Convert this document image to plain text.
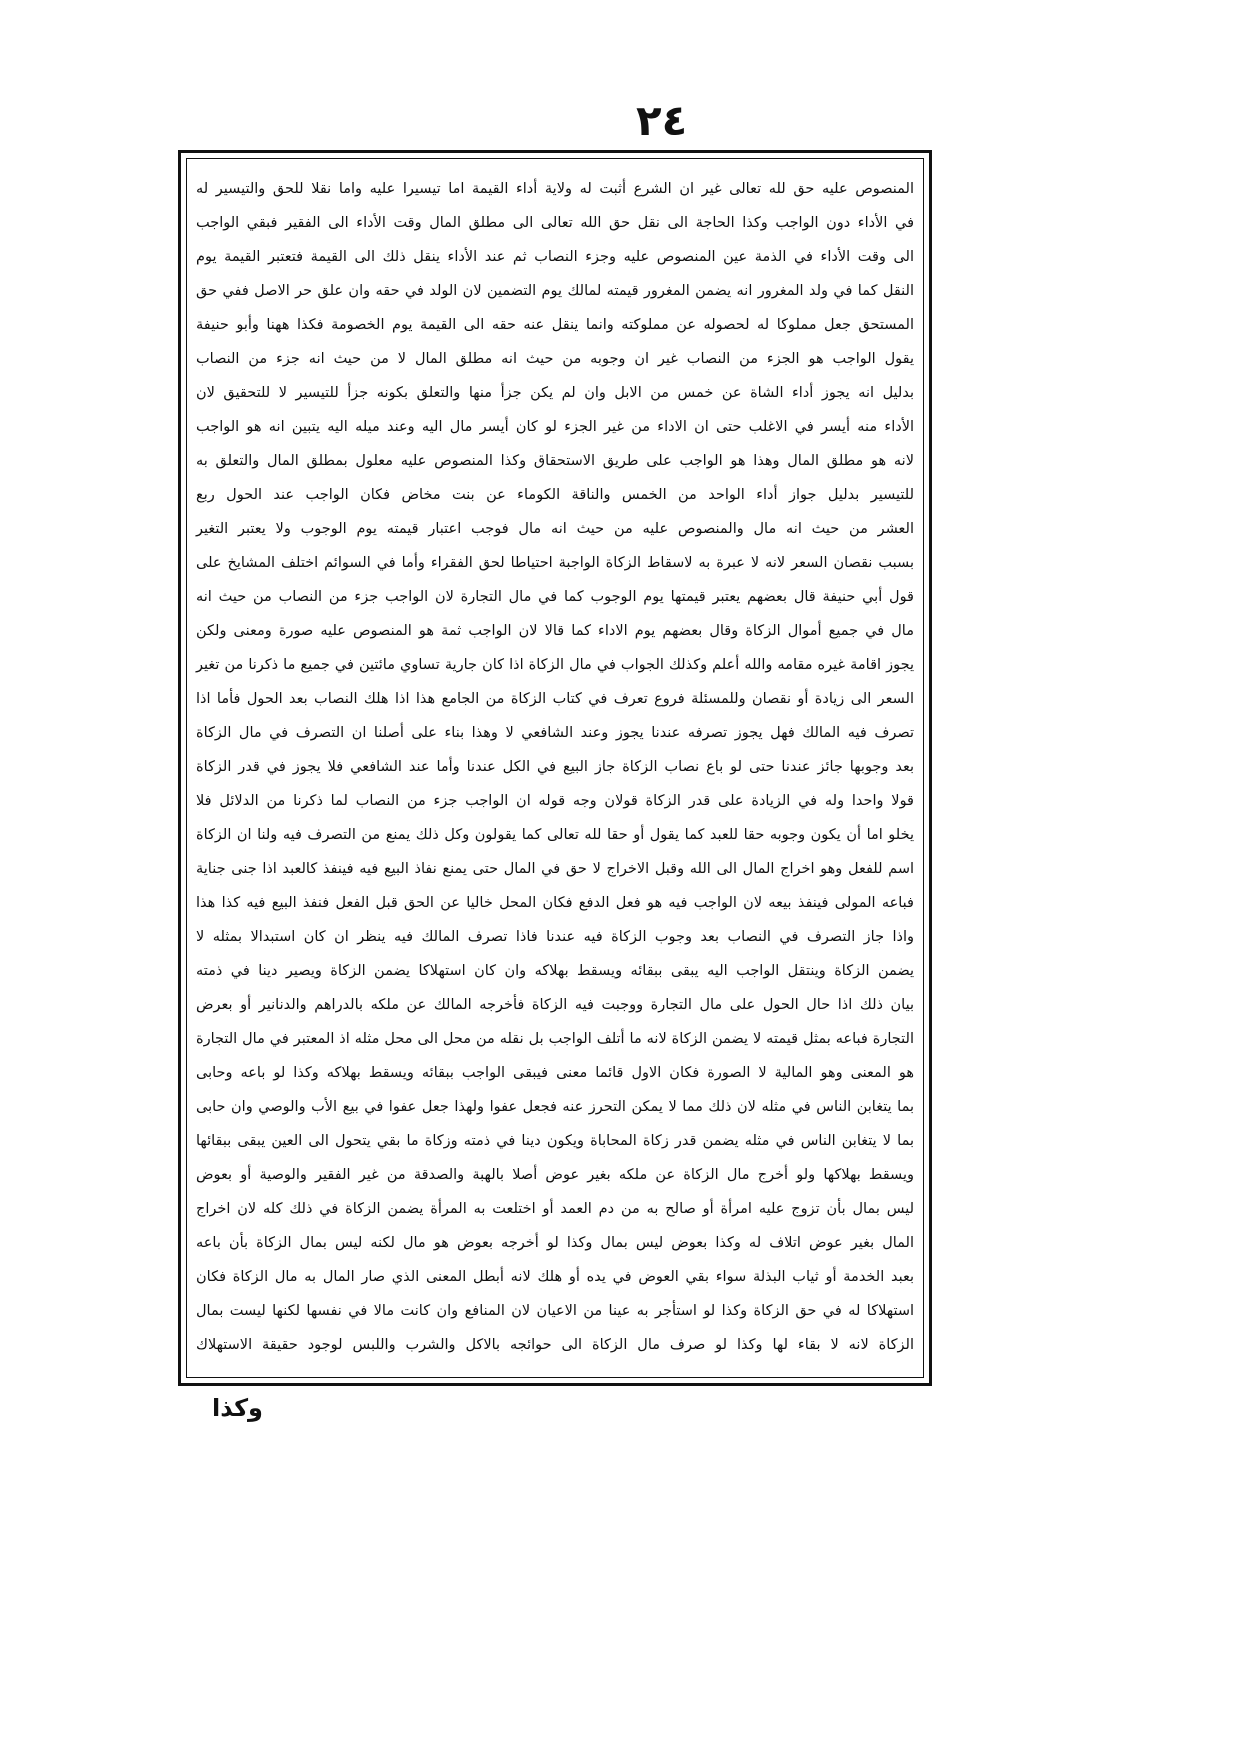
٢٤
المنصوص عليه حق لله تعالى غير ان الشرع أثبت له ولاية أداء القيمة اما تيسيرا عليه واما نقلا للحق والتيسير له
في الأداء دون الواجب وكذا الحاجة الى نقل حق الله تعالى الى مطلق المال وقت الأداء الى الفقير فبقي الواجب
الى وقت الأداء في الذمة عين المنصوص عليه وجزء النصاب ثم عند الأداء ينقل ذلك الى القيمة فتعتبر القيمة يوم
النقل كما في ولد المغرور انه يضمن المغرور قيمته لمالك يوم التضمين لان الولد في حقه وان علق حر الاصل ففي حق
المستحق جعل مملوكا له لحصوله عن مملوكته وانما ينقل عنه حقه الى القيمة يوم الخصومة فكذا ههنا وأبو حنيفة
يقول الواجب هو الجزء من النصاب غير ان وجوبه من حيث انه مطلق المال لا من حيث انه جزء من النصاب
بدليل انه يجوز أداء الشاة عن خمس من الابل وان لم يكن جزأ منها والتعلق بكونه جزأ للتيسير لا للتحقيق لان
الأداء منه أيسر في الاغلب حتى ان الاداء من غير الجزء لو كان أيسر مال اليه وعند ميله اليه يتبين انه هو الواجب
لانه هو مطلق المال وهذا هو الواجب على طريق الاستحقاق وكذا المنصوص عليه معلول بمطلق المال والتعلق به
للتيسير بدليل جواز أداء الواحد من الخمس والناقة الكوماء عن بنت مخاض فكان الواجب عند الحول ربع
العشر من حيث انه مال والمنصوص عليه من حيث انه مال فوجب اعتبار قيمته يوم الوجوب ولا يعتبر التغير
بسبب نقصان السعر لانه لا عبرة به لاسقاط الزكاة الواجبة احتياطا لحق الفقراء وأما في السوائم اختلف المشايخ على
قول أبي حنيفة قال بعضهم يعتبر قيمتها يوم الوجوب كما في مال التجارة لان الواجب جزء من النصاب من حيث انه
مال في جميع أموال الزكاة وقال بعضهم يوم الاداء كما قالا لان الواجب ثمة هو المنصوص عليه صورة ومعنى ولكن
يجوز اقامة غيره مقامه والله أعلم وكذلك الجواب في مال الزكاة اذا كان جارية تساوي مائتين في جميع ما ذكرنا من تغير
السعر الى زيادة أو نقصان وللمسئلة فروع تعرف في كتاب الزكاة من الجامع هذا اذا هلك النصاب بعد الحول فأما اذا
تصرف فيه المالك فهل يجوز تصرفه عندنا يجوز وعند الشافعي لا وهذا بناء على أصلنا ان التصرف في مال الزكاة
بعد وجوبها جائز عندنا حتى لو باع نصاب الزكاة جاز البيع في الكل عندنا وأما عند الشافعي فلا يجوز في قدر الزكاة
قولا واحدا وله في الزيادة على قدر الزكاة قولان وجه قوله ان الواجب جزء من النصاب لما ذكرنا من الدلائل فلا
يخلو اما أن يكون وجوبه حقا للعبد كما يقول أو حقا لله تعالى كما يقولون وكل ذلك يمنع من التصرف فيه ولنا ان الزكاة
اسم للفعل وهو اخراج المال الى الله وقبل الاخراج لا حق في المال حتى يمنع نفاذ البيع فيه فينفذ كالعبد اذا جنى جناية
فباعه المولى فينفذ بيعه لان الواجب فيه هو فعل الدفع فكان المحل خاليا عن الحق قبل الفعل فنفذ البيع فيه كذا هذا
واذا جاز التصرف في النصاب بعد وجوب الزكاة فيه عندنا فاذا تصرف المالك فيه ينظر ان كان استبدالا بمثله لا
يضمن الزكاة وينتقل الواجب اليه يبقى ببقائه ويسقط بهلاكه وان كان استهلاكا يضمن الزكاة ويصير دينا في ذمته
بيان ذلك اذا حال الحول على مال التجارة ووجبت فيه الزكاة فأخرجه المالك عن ملكه بالدراهم والدنانير أو بعرض
التجارة فباعه بمثل قيمته لا يضمن الزكاة لانه ما أتلف الواجب بل نقله من محل الى محل مثله اذ المعتبر في مال التجارة
هو المعنى وهو المالية لا الصورة فكان الاول قائما معنى فيبقى الواجب ببقائه ويسقط بهلاكه وكذا لو باعه وحابى
بما يتغابن الناس في مثله لان ذلك مما لا يمكن التحرز عنه فجعل عفوا ولهذا جعل عفوا في بيع الأب والوصي وان حابى
بما لا يتغابن الناس في مثله يضمن قدر زكاة المحاباة ويكون دينا في ذمته وزكاة ما بقي يتحول الى العين يبقى ببقائها
ويسقط بهلاكها ولو أخرج مال الزكاة عن ملكه بغير عوض أصلا بالهبة والصدقة من غير الفقير والوصية أو بعوض
ليس بمال بأن تزوج عليه امرأة أو صالح به من دم العمد أو اختلعت به المرأة يضمن الزكاة في ذلك كله لان اخراج
المال بغير عوض اتلاف له وكذا بعوض ليس بمال وكذا لو أخرجه بعوض هو مال لكنه ليس بمال الزكاة بأن باعه
بعبد الخدمة أو ثياب البذلة سواء بقي العوض في يده أو هلك لانه أبطل المعنى الذي صار المال به مال الزكاة فكان
استهلاكا له في حق الزكاة وكذا لو استأجر به عينا من الاعيان لان المنافع وان كانت مالا في نفسها لكنها ليست بمال
الزكاة لانه لا بقاء لها وكذا لو صرف مال الزكاة الى حوائجه بالاكل والشرب واللبس لوجود حقيقة الاستهلاك
وكذا
